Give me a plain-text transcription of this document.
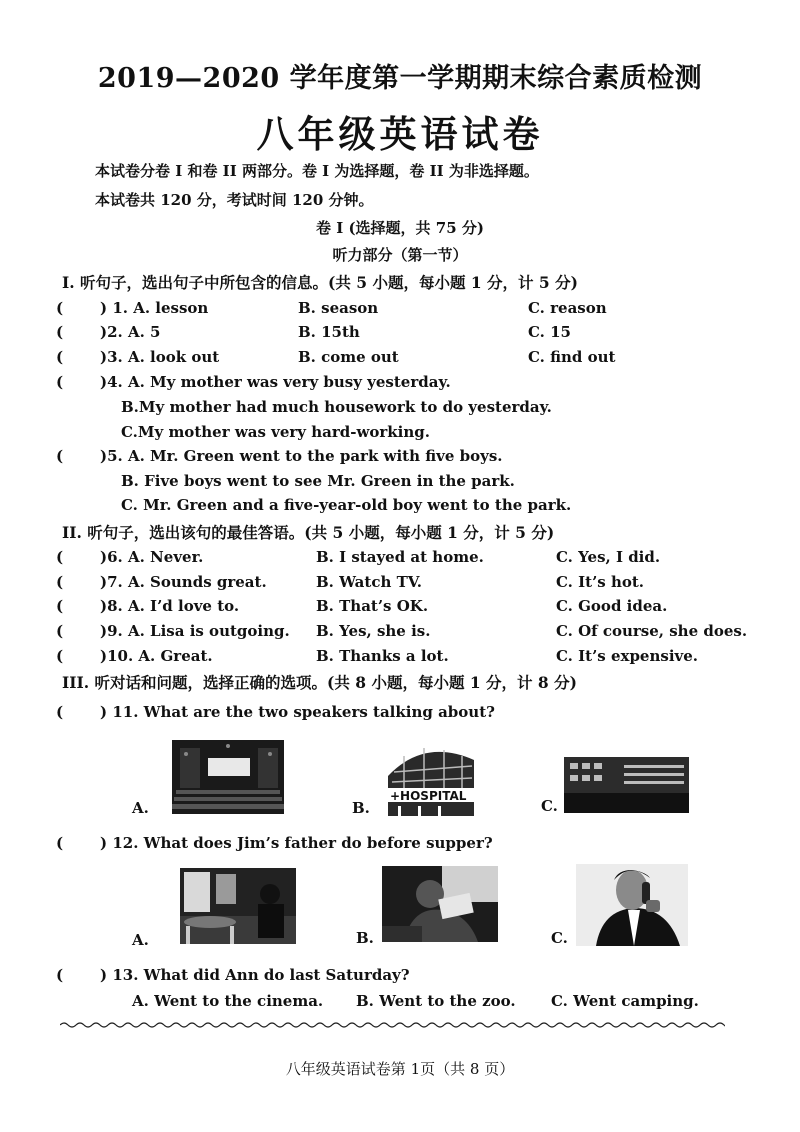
2019—2020 学年度第一学期期末综合素质检测
八年级英语试卷
本试卷分卷 I 和卷 II 两部分。卷 I 为选择题，卷 II 为非选择题。
本试卷共 120 分，考试时间 120 分钟。
卷 I (选择题，共 75 分)
听力部分（第一节）
Ⅰ. 听句子，选出句子中所包含的信息。(共 5 小题，每小题 1 分，计 5 分)
( ) 1. A. lesson	B. season	C. reason
( )2. A. 5	B. 15th	C. 15
( )3. A. look out	B. come out	C. find out
( )4. A. My mother was very busy yesterday.
B.My mother had much housework to do yesterday.
C.My mother was very hard-working.
( )5. A. Mr. Green went to the park with five boys.
B. Five boys went to see Mr. Green in the park.
C. Mr. Green and a five-year-old boy went to the park.
II. 听句子，选出该句的最佳答语。(共 5 小题，每小题 1 分，计 5 分)
( )6. A. Never.	B. I stayed at home.	C. Yes, I did.
( )7. A. Sounds great.	B. Watch TV.	C. It’s hot.
( )8. A. I’d love to.	B. That’s OK.	C. Good idea.
( )9. A. Lisa is outgoing. B. Yes, she is.	C. Of course, she does.
( )10. A. Great.	B. Thanks a lot.	C. It’s expensive.
III. 听对话和问题，选择正确的选项。(共 8 小题，每小题 1 分，计 8 分)
( ) 11. What are the two speakers talking about?
A.	B.
+HOSPITAL
C.
( ) 12. What does Jim’s father do before supper?
A.	B.	C.
( ) 13. What did Ann do last Saturday?
A. Went to the cinema. B. Went to the zoo. C. Went camping.
八年级英语试卷第 1页（共 8 页）
